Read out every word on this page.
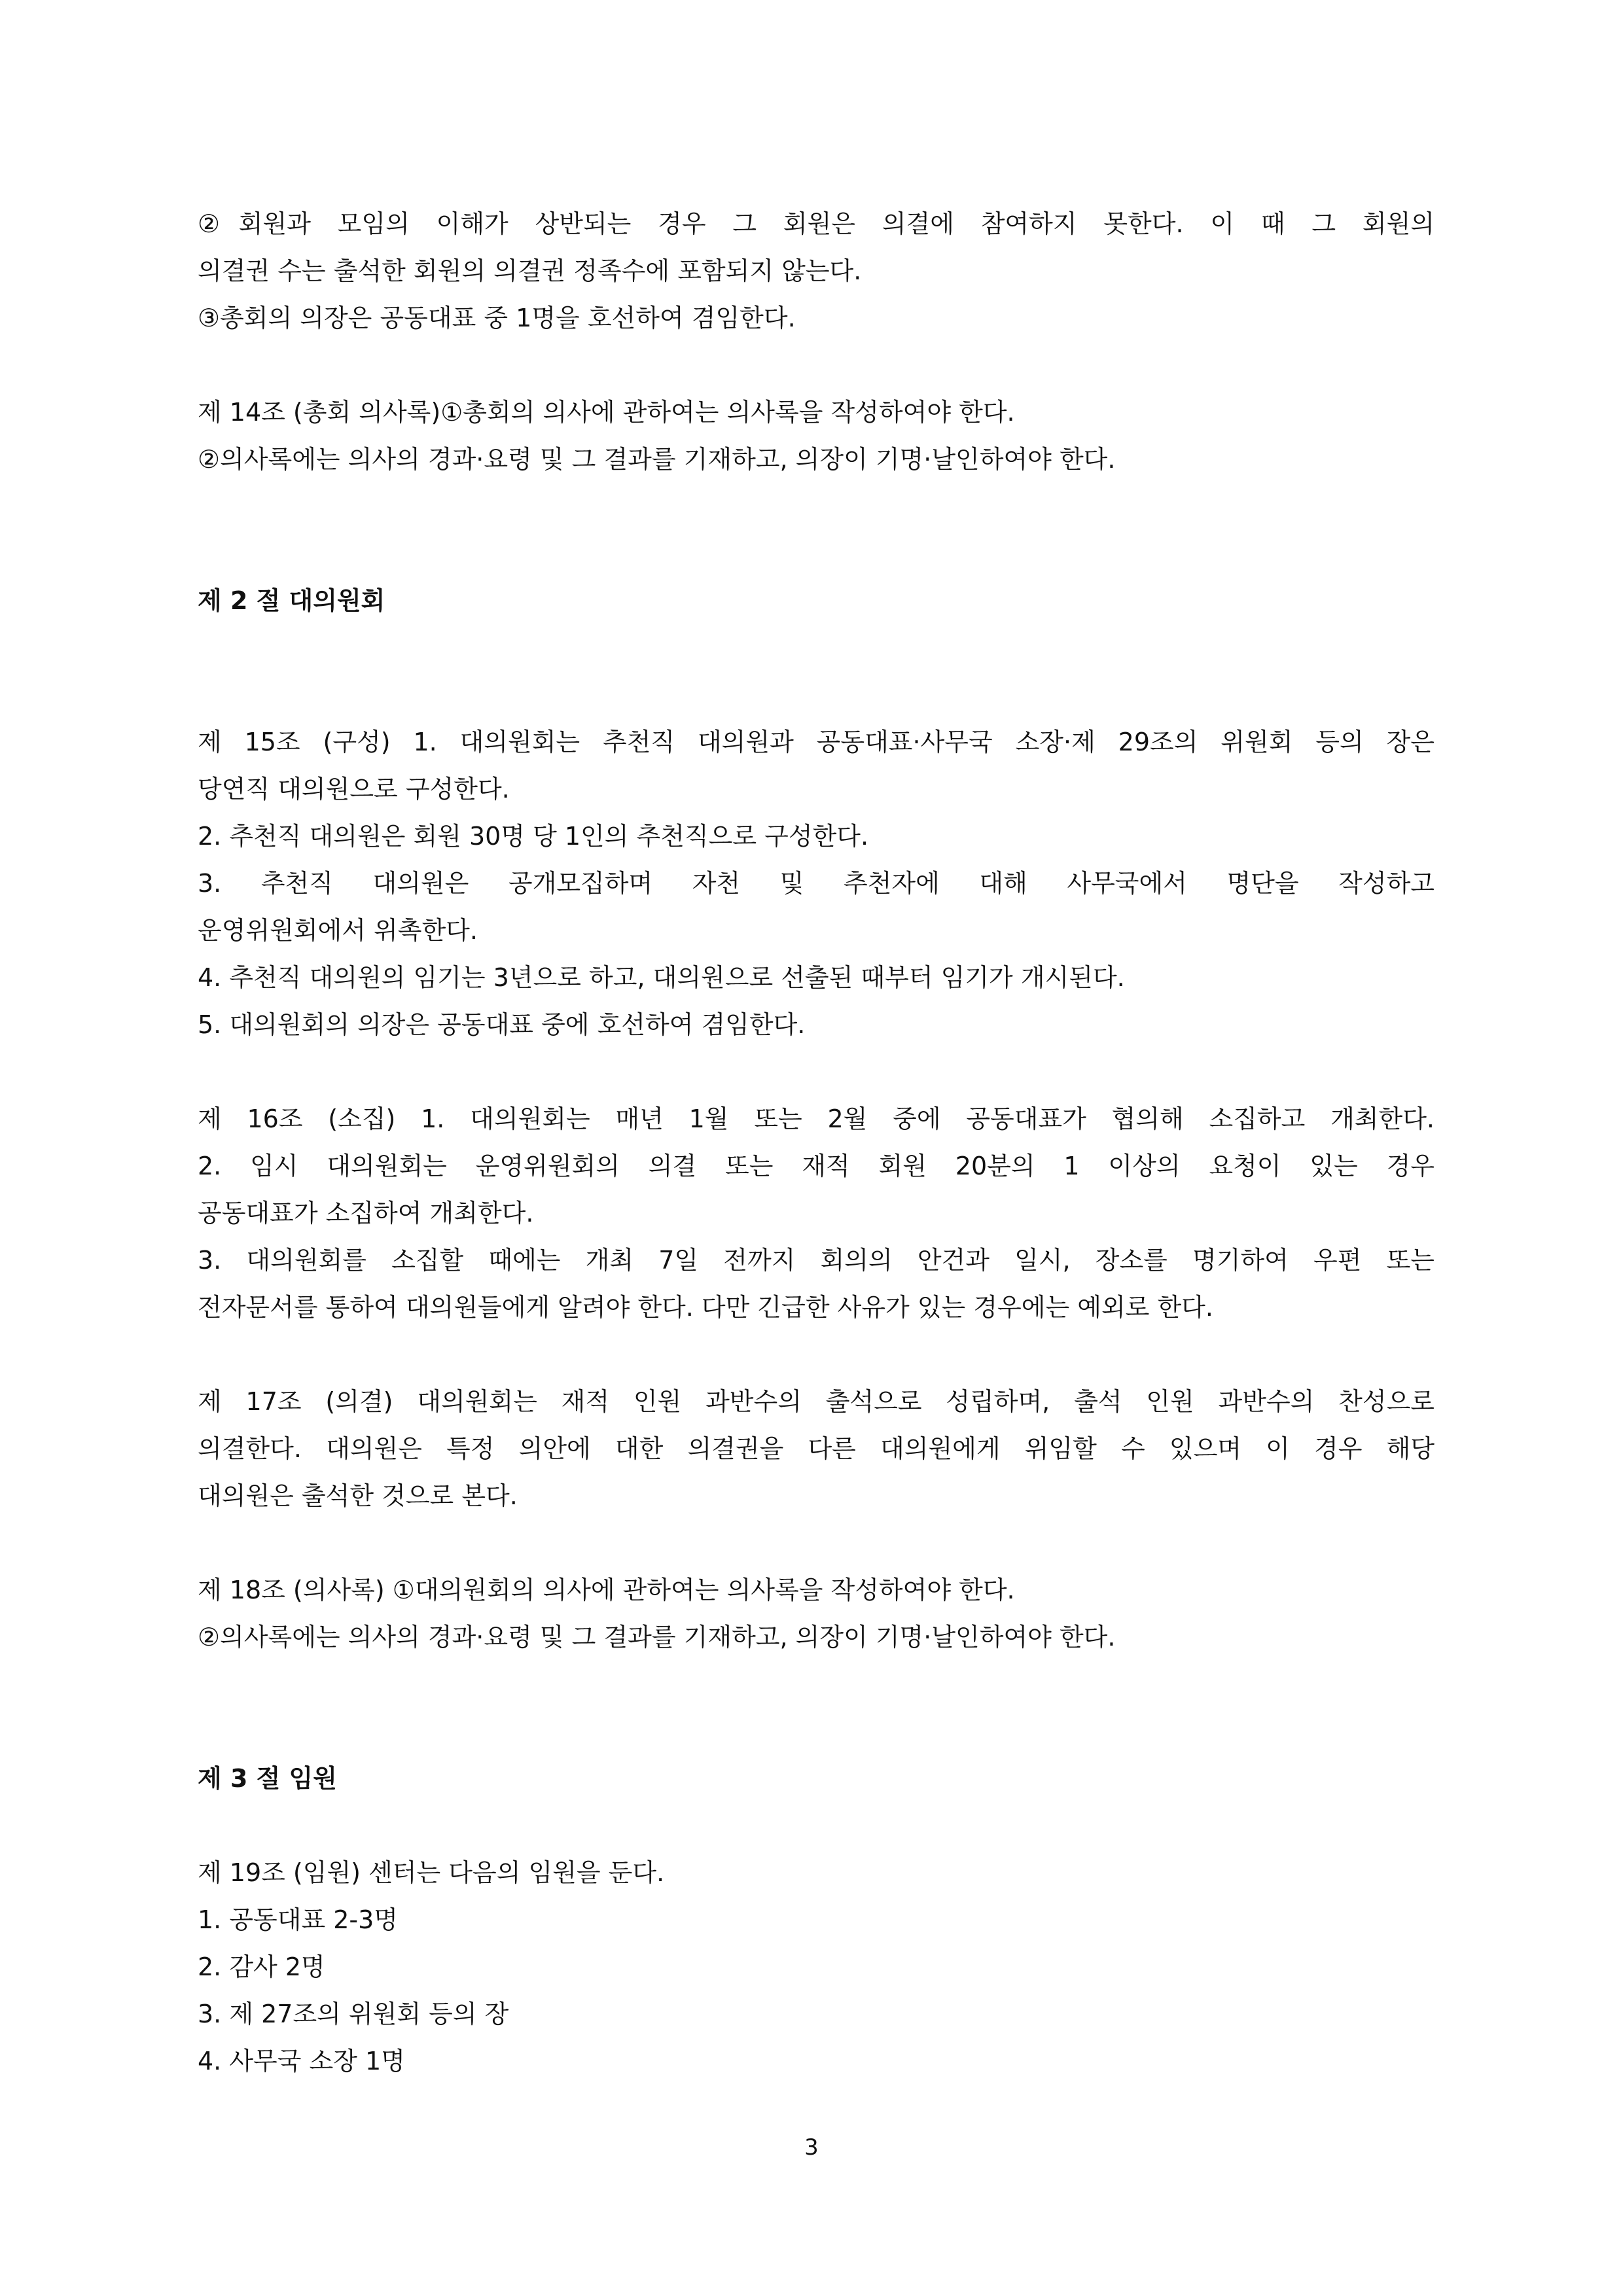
②회원과 모임의 이해가 상반되는 경우 그 회원은 의결에 참여하지 못한다. 이 때 그 회원의
의결권 수는 출석한 회원의 의결권 정족수에 포함되지 않는다.
③총회의 의장은 공동대표 중 1명을 호선하여 겸임한다.
제 14조 (총회 의사록)①총회의 의사에 관하여는 의사록을 작성하여야 한다.
②의사록에는 의사의 경과·요령 및 그 결과를 기재하고, 의장이 기명·날인하여야 한다.
제 2 절 대의원회
제 15조 (구성) 1. 대의원회는 추천직 대의원과 공동대표·사무국 소장·제 29조의 위원회 등의 장은
당연직 대의원으로 구성한다.
2. 추천직 대의원은 회원 30명 당 1인의 추천직으로 구성한다.
3. 추천직 대의원은 공개모집하며 자천 및 추천자에 대해 사무국에서 명단을 작성하고
운영위원회에서 위촉한다.
4. 추천직 대의원의 임기는 3년으로 하고, 대의원으로 선출된 때부터 임기가 개시된다.
5. 대의원회의 의장은 공동대표 중에 호선하여 겸임한다.
제 16조 (소집) 1. 대의원회는 매년 1월 또는 2월 중에 공동대표가 협의해 소집하고 개최한다.
2. 임시 대의원회는 운영위원회의 의결 또는 재적 회원 20분의 1 이상의 요청이 있는 경우
공동대표가 소집하여 개최한다.
3. 대의원회를 소집할 때에는 개최 7일 전까지 회의의 안건과 일시, 장소를 명기하여 우편 또는
전자문서를 통하여 대의원들에게 알려야 한다. 다만 긴급한 사유가 있는 경우에는 예외로 한다.
제 17조 (의결) 대의원회는 재적 인원 과반수의 출석으로 성립하며, 출석 인원 과반수의 찬성으로
의결한다. 대의원은 특정 의안에 대한 의결권을 다른 대의원에게 위임할 수 있으며 이 경우 해당
대의원은 출석한 것으로 본다.
제 18조 (의사록) ①대의원회의 의사에 관하여는 의사록을 작성하여야 한다.
②의사록에는 의사의 경과·요령 및 그 결과를 기재하고, 의장이 기명·날인하여야 한다.
제 3 절 임원
제 19조 (임원) 센터는 다음의 임원을 둔다.
1. 공동대표 2-3명
2. 감사 2명
3. 제 27조의 위원회 등의 장
4. 사무국 소장 1명
3
